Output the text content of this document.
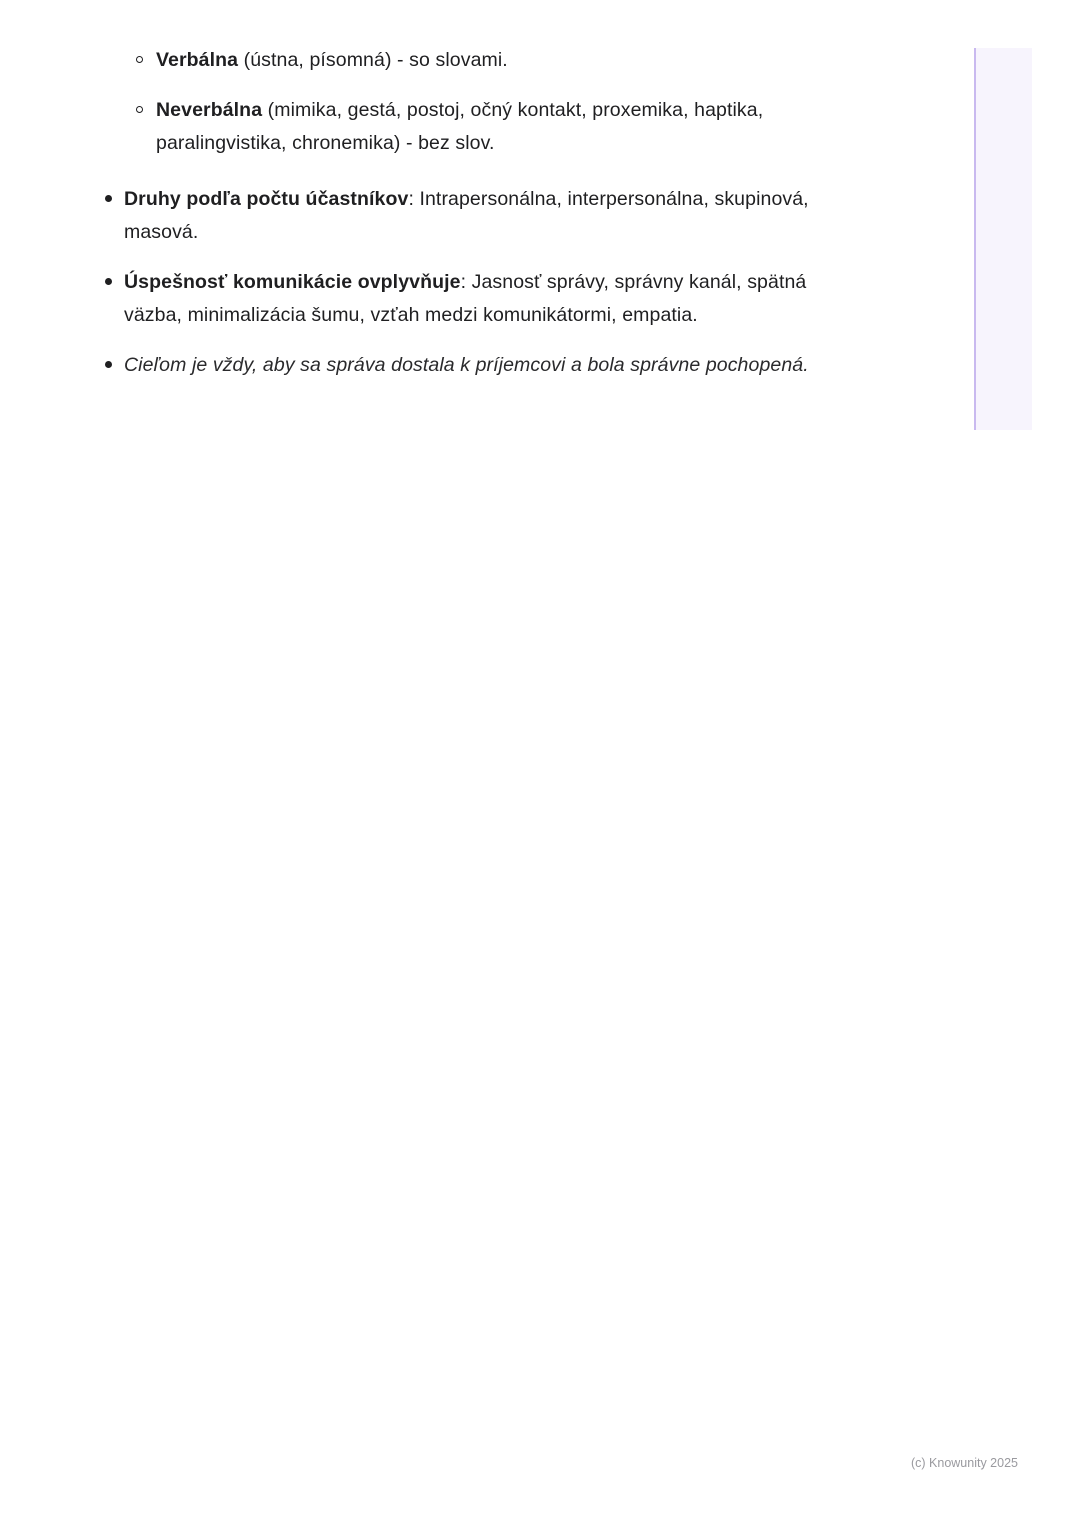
Verbálna (ústna, písomná) - so slovami.
Neverbálna (mimika, gestá, postoj, očný kontakt, proxemika, haptika, paralingvistika, chronemika) - bez slov.
Druhy podľa počtu účastníkov: Intrapersonálna, interpersonálna, skupinová, masová.
Úspešnosť komunikácie ovplyvňuje: Jasnosť správy, správny kanál, spätná väzba, minimalizácia šumu, vzťah medzi komunikátormi, empatia.
Cieľom je vždy, aby sa správa dostala k príjemcovi a bola správne pochopená.
(c) Knowunity 2025
